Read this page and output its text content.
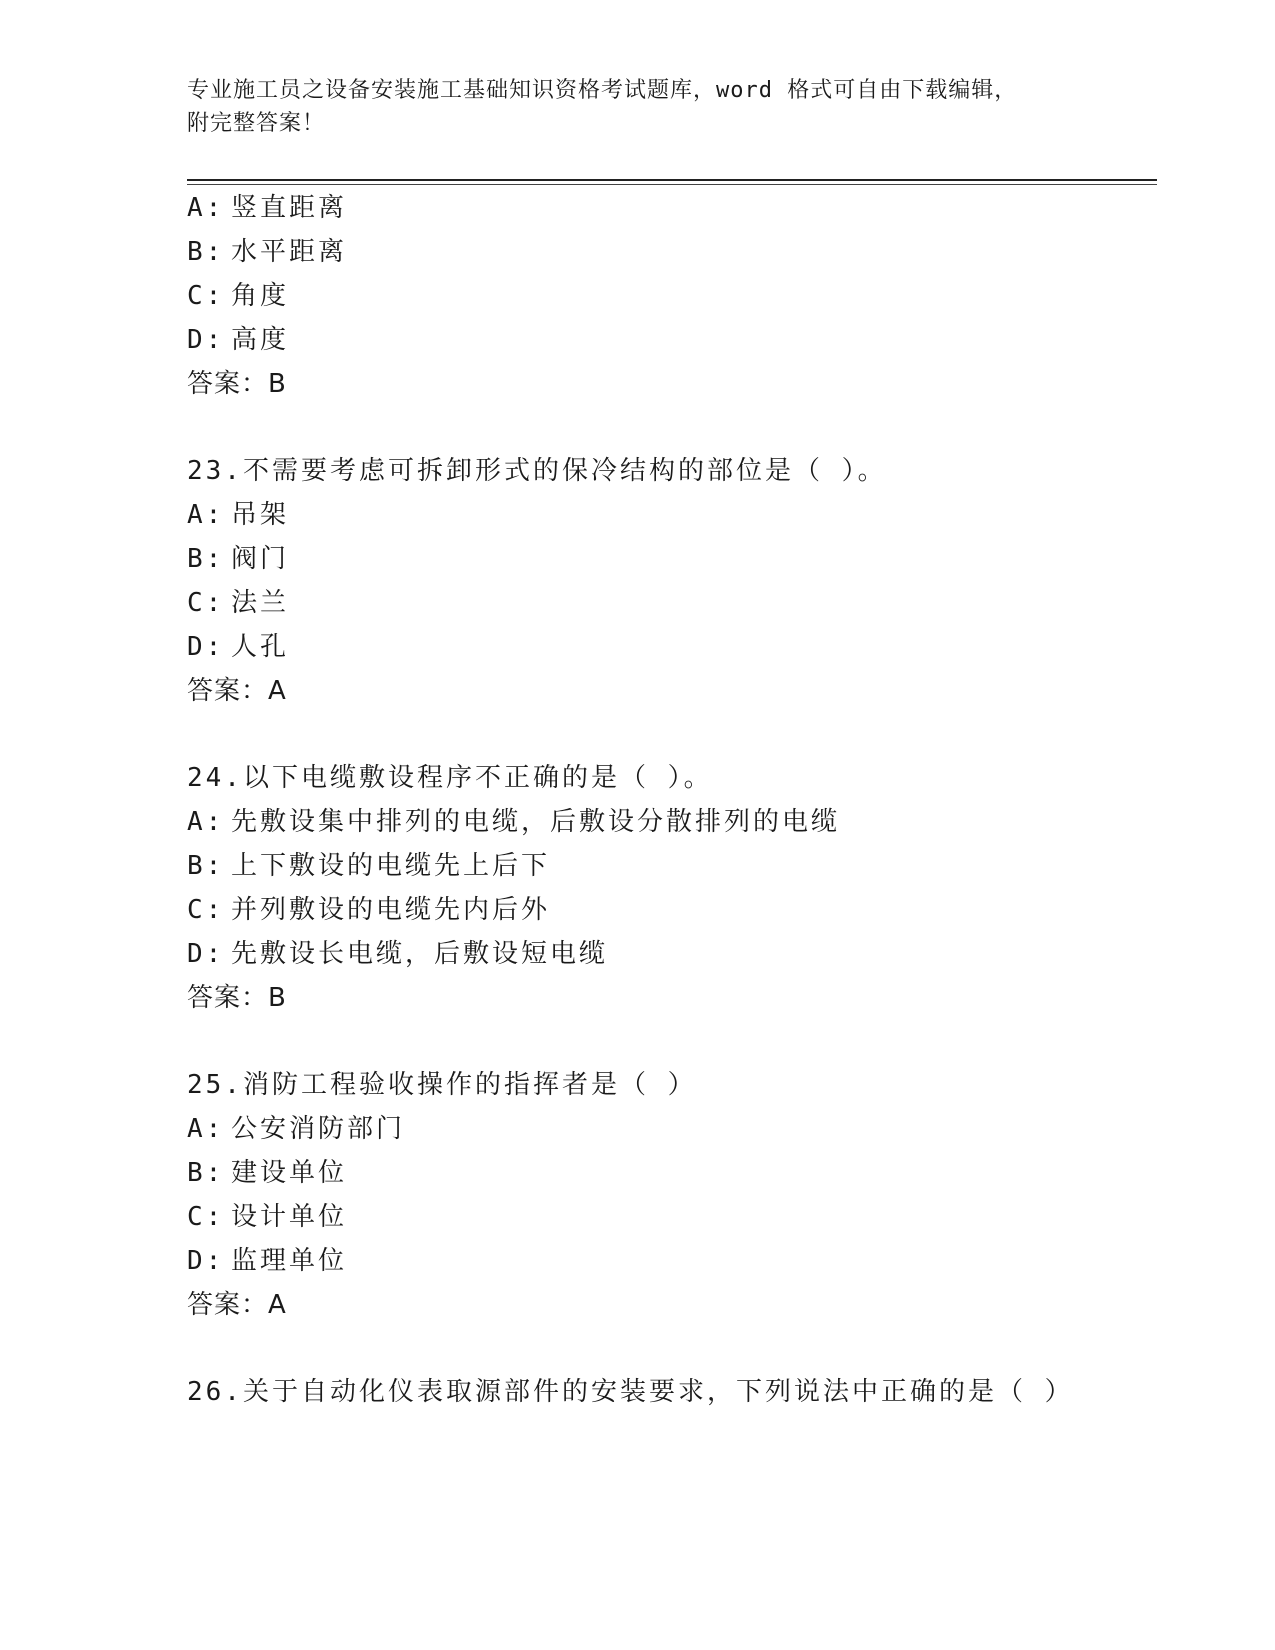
专业施工员之设备安装施工基础知识资格考试题库，word 格式可自由下载编辑，
附完整答案！
A: 竖直距离
B: 水平距离
C: 角度
D: 高度
答案：B
23.不需要考虑可拆卸形式的保冷结构的部位是（ ）。
A: 吊架
B: 阀门
C: 法兰
D: 人孔
答案：A
24.以下电缆敷设程序不正确的是（ ）。
A: 先敷设集中排列的电缆，后敷设分散排列的电缆
B: 上下敷设的电缆先上后下
C: 并列敷设的电缆先内后外
D: 先敷设长电缆，后敷设短电缆
答案：B
25.消防工程验收操作的指挥者是（ ）
A: 公安消防部门
B: 建设单位
C: 设计单位
D: 监理单位
答案：A
26.关于自动化仪表取源部件的安装要求，下列说法中正确的是（ ）
